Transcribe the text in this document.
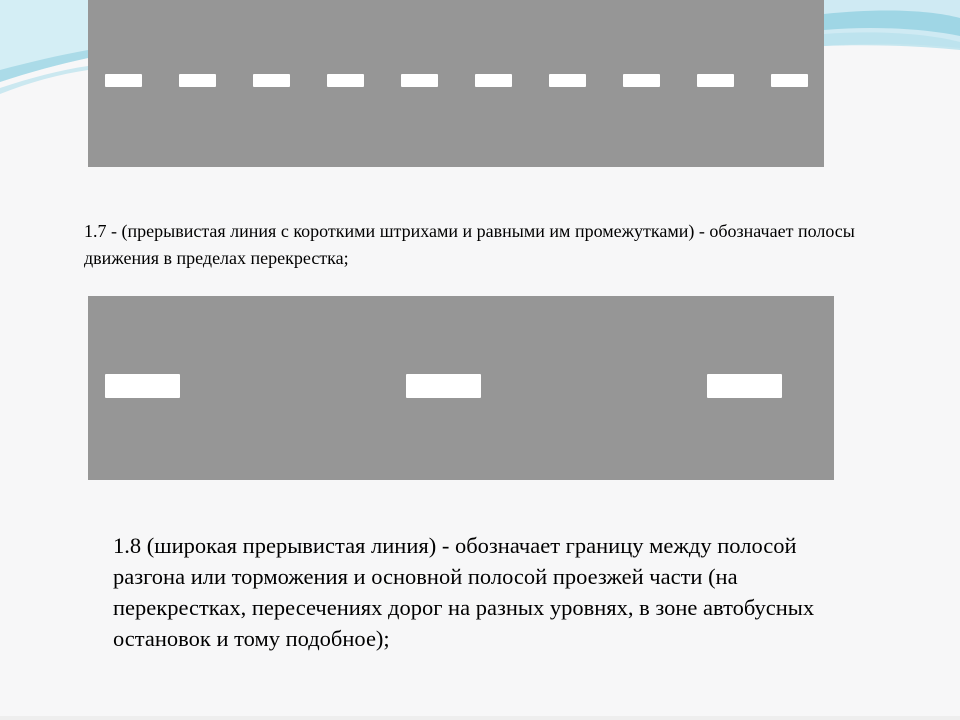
1.7 - (прерывистая линия с короткими штрихами и равными им промежутками) - обозначает полосы движения в пределах перекрестка;

1.8 (широкая прерывистая линия) - обозначает границу между полосой разгона или торможения и основной полосой проезжей части (на перекрестках, пересечениях дорог на разных уровнях, в зоне автобусных остановок и тому подобное);
